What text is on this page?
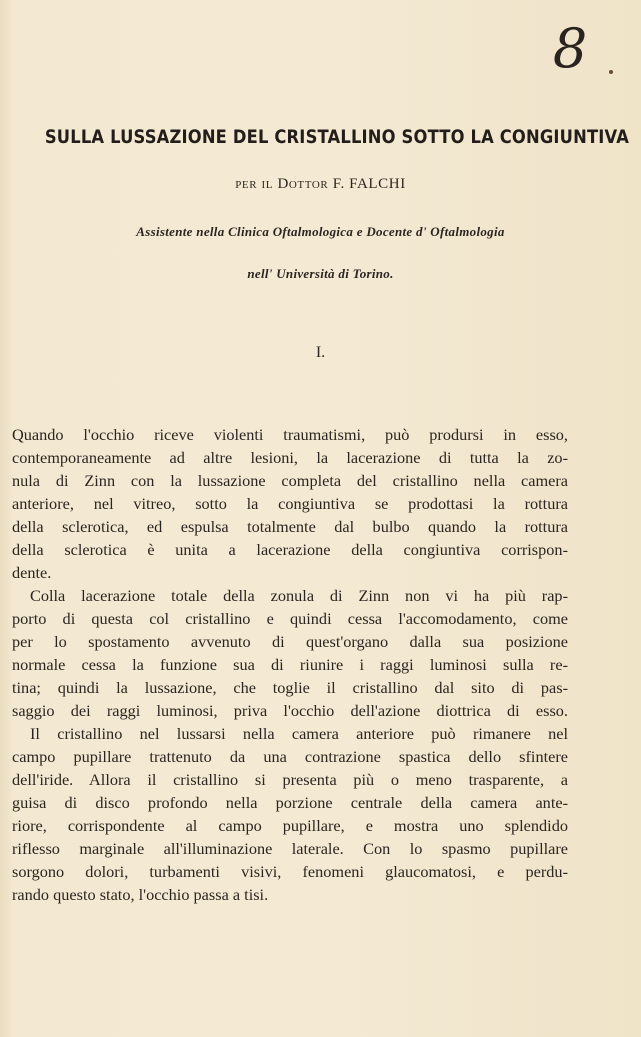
8
SULLA LUSSAZIONE DEL CRISTALLINO SOTTO LA CONGIUNTIVA
per il Dottor F. FALCHI
Assistente nella Clinica Oftalmologica e Docente d' Oftalmologia
nell' Università di Torino.
I.
Quando l'occhio riceve violenti traumatismi, può prodursi in esso,
contemporaneamente ad altre lesioni, la lacerazione di tutta la zo-
nula di Zinn con la lussazione completa del cristallino nella camera
anteriore, nel vitreo, sotto la congiuntiva se prodottasi la rottura
della sclerotica, ed espulsa totalmente dal bulbo quando la rottura
della sclerotica è unita a lacerazione della congiuntiva corrispon-
dente.
Colla lacerazione totale della zonula di Zinn non vi ha più rap-
porto di questa col cristallino e quindi cessa l'accomodamento, come
per lo spostamento avvenuto di quest'organo dalla sua posizione
normale cessa la funzione sua di riunire i raggi luminosi sulla re-
tina; quindi la lussazione, che toglie il cristallino dal sito di pas-
saggio dei raggi luminosi, priva l'occhio dell'azione diottrica di esso.
Il cristallino nel lussarsi nella camera anteriore può rimanere nel
campo pupillare trattenuto da una contrazione spastica dello sfintere
dell'iride. Allora il cristallino si presenta più o meno trasparente, a
guisa di disco profondo nella porzione centrale della camera ante-
riore, corrispondente al campo pupillare, e mostra uno splendido
riflesso marginale all'illuminazione laterale. Con lo spasmo pupillare
sorgono dolori, turbamenti visivi, fenomeni glaucomatosi, e perdu-
rando questo stato, l'occhio passa a tisi.
